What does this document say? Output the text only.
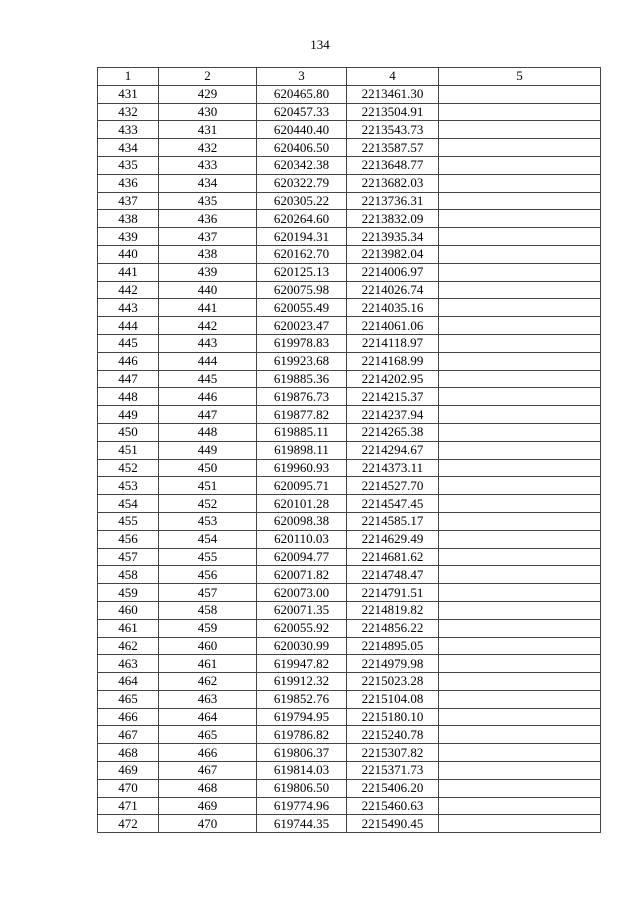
134
1	2	3	4	5
431	429	620465.80	2213461.30	
432	430	620457.33	2213504.91	
433	431	620440.40	2213543.73	
434	432	620406.50	2213587.57	
435	433	620342.38	2213648.77	
436	434	620322.79	2213682.03	
437	435	620305.22	2213736.31	
438	436	620264.60	2213832.09	
439	437	620194.31	2213935.34	
440	438	620162.70	2213982.04	
441	439	620125.13	2214006.97	
442	440	620075.98	2214026.74	
443	441	620055.49	2214035.16	
444	442	620023.47	2214061.06	
445	443	619978.83	2214118.97	
446	444	619923.68	2214168.99	
447	445	619885.36	2214202.95	
448	446	619876.73	2214215.37	
449	447	619877.82	2214237.94	
450	448	619885.11	2214265.38	
451	449	619898.11	2214294.67	
452	450	619960.93	2214373.11	
453	451	620095.71	2214527.70	
454	452	620101.28	2214547.45	
455	453	620098.38	2214585.17	
456	454	620110.03	2214629.49	
457	455	620094.77	2214681.62	
458	456	620071.82	2214748.47	
459	457	620073.00	2214791.51	
460	458	620071.35	2214819.82	
461	459	620055.92	2214856.22	
462	460	620030.99	2214895.05	
463	461	619947.82	2214979.98	
464	462	619912.32	2215023.28	
465	463	619852.76	2215104.08	
466	464	619794.95	2215180.10	
467	465	619786.82	2215240.78	
468	466	619806.37	2215307.82	
469	467	619814.03	2215371.73	
470	468	619806.50	2215406.20	
471	469	619774.96	2215460.63	
472	470	619744.35	2215490.45	
